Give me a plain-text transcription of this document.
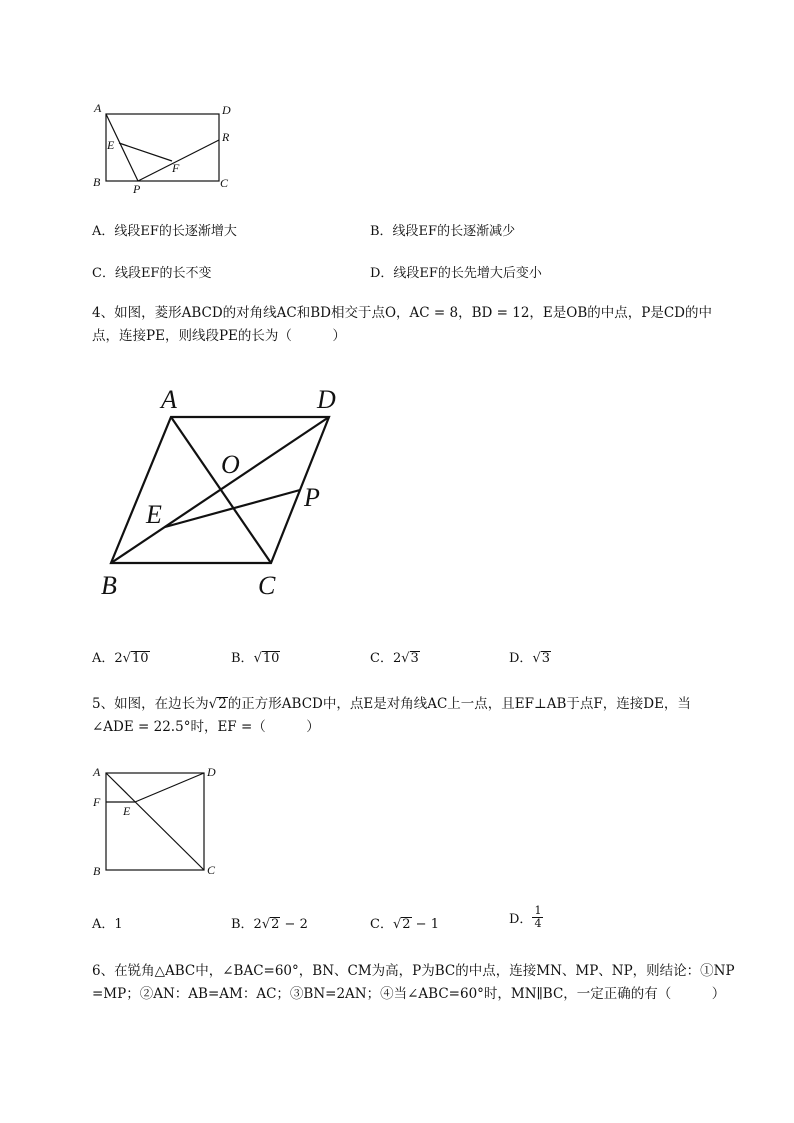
A	D
R
E
F
B	P	C
A．线段EF的长逐渐增大	B．线段EF的长逐渐减少
C．线段EF的长不变	D．线段EF的长先增大后变小
4、如图，菱形ABCD的对角线AC和BD相交于点O，AC = 8，BD = 12，E是OB的中点，P是CD的中
点，连接PE，则线段PE的长为（　　　）
A	D
O
P
E
B	C
A．2√10	B．√10	C．2√3	D．√3
5、如图，在边长为√2的正方形ABCD中，点E是对角线AC上一点，且EF⊥AB于点F，连接DE，当
∠ADE = 22.5°时，EF =（　　　）
A	D
F
E
B	C
A．1	B．2√2 − 2	C．√2 − 1	D． $\frac{1}{4}$
6、在锐角△ABC中，∠BAC=60°，BN、CM为高，P为BC的中点，连接MN、MP、NP，则结论：①NP
=MP；②AN：AB=AM：AC；③BN=2AN；④当∠ABC=60°时，MN∥BC，一定正确的有（　　　）
